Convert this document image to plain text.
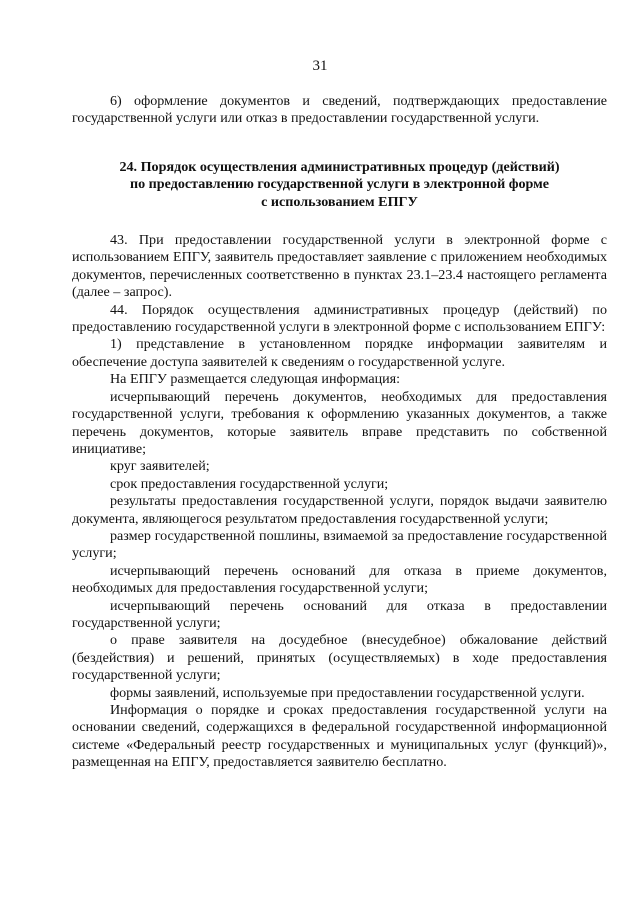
31

6) оформление документов и сведений, подтверждающих предоставление государственной услуги или отказ в предоставлении государственной услуги.

24. Порядок осуществления административных процедур (действий)
по предоставлению государственной услуги в электронной форме
с использованием ЕПГУ

43. При предоставлении государственной услуги в электронной форме с использованием ЕПГУ, заявитель предоставляет заявление с приложением необходимых документов, перечисленных соответственно в пунктах 23.1–23.4 настоящего регламента (далее – запрос).

44. Порядок осуществления административных процедур (действий) по предоставлению государственной услуги в электронной форме с использованием ЕПГУ:

1) представление в установленном порядке информации заявителям и обеспечение доступа заявителей к сведениям о государственной услуге.

На ЕПГУ размещается следующая информация:

исчерпывающий перечень документов, необходимых для предоставления государственной услуги, требования к оформлению указанных документов, а также перечень документов, которые заявитель вправе представить по собственной инициативе;

круг заявителей;

срок предоставления государственной услуги;

результаты предоставления государственной услуги, порядок выдачи заявителю документа, являющегося результатом предоставления государственной услуги;

размер государственной пошлины, взимаемой за предоставление государственной услуги;

исчерпывающий перечень оснований для отказа в приеме документов, необходимых для предоставления государственной услуги;

исчерпывающий перечень оснований для отказа в предоставлении государственной услуги;

о праве заявителя на досудебное (внесудебное) обжалование действий (бездействия) и решений, принятых (осуществляемых) в ходе предоставления государственной услуги;

формы заявлений, используемые при предоставлении государственной услуги.

Информация о порядке и сроках предоставления государственной услуги на основании сведений, содержащихся в федеральной государственной информационной системе «Федеральный реестр государственных и муниципальных услуг (функций)», размещенная на ЕПГУ, предоставляется заявителю бесплатно.
